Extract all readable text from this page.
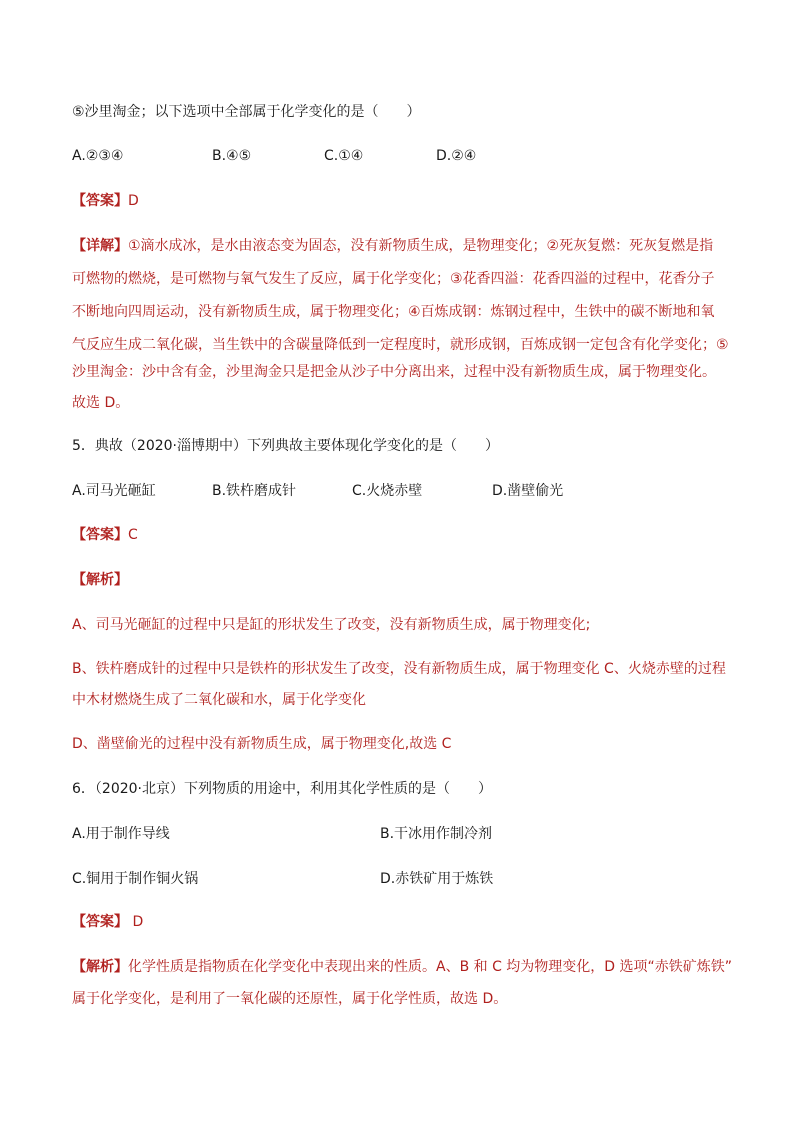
⑤沙里淘金；以下选项中全部属于化学变化的是（　　）
A.②③④	B.④⑤	C.①④	D.②④
【答案】D
【详解】①滴水成冰，是水由液态变为固态，没有新物质生成，是物理变化；②死灰复燃：死灰复燃是指
可燃物的燃烧，是可燃物与氧气发生了反应，属于化学变化；③花香四溢：花香四溢的过程中，花香分子
不断地向四周运动，没有新物质生成，属于物理变化；④百炼成钢：炼钢过程中，生铁中的碳不断地和氧
气反应生成二氧化碳，当生铁中的含碳量降低到一定程度时，就形成钢，百炼成钢一定包含有化学变化；⑤
沙里淘金：沙中含有金，沙里淘金只是把金从沙子中分离出来，过程中没有新物质生成，属于物理变化。
故选 D。
5．典故（2020·淄博期中）下列典故主要体现化学变化的是（　　）
A.司马光砸缸	B.铁杵磨成针	C.火烧赤壁	D.凿壁偷光
【答案】C
【解析】
A、司马光砸缸的过程中只是缸的形状发生了改变，没有新物质生成，属于物理变化;
B、铁杵磨成针的过程中只是铁杵的形状发生了改变，没有新物质生成，属于物理变化 C、火烧赤壁的过程
中木材燃烧生成了二氧化碳和水，属于化学变化
D、凿壁偷光的过程中没有新物质生成，属于物理变化,故选 C
6．（2020·北京）下列物质的用途中，利用其化学性质的是（　　）
A.用于制作导线	B.干冰用作制冷剂
C.铜用于制作铜火锅	D.赤铁矿用于炼铁
【答案】 D
【解析】化学性质是指物质在化学变化中表现出来的性质。A、B 和 C 均为物理变化，D 选项“赤铁矿炼铁”
属于化学变化，是利用了一氧化碳的还原性，属于化学性质，故选 D。
